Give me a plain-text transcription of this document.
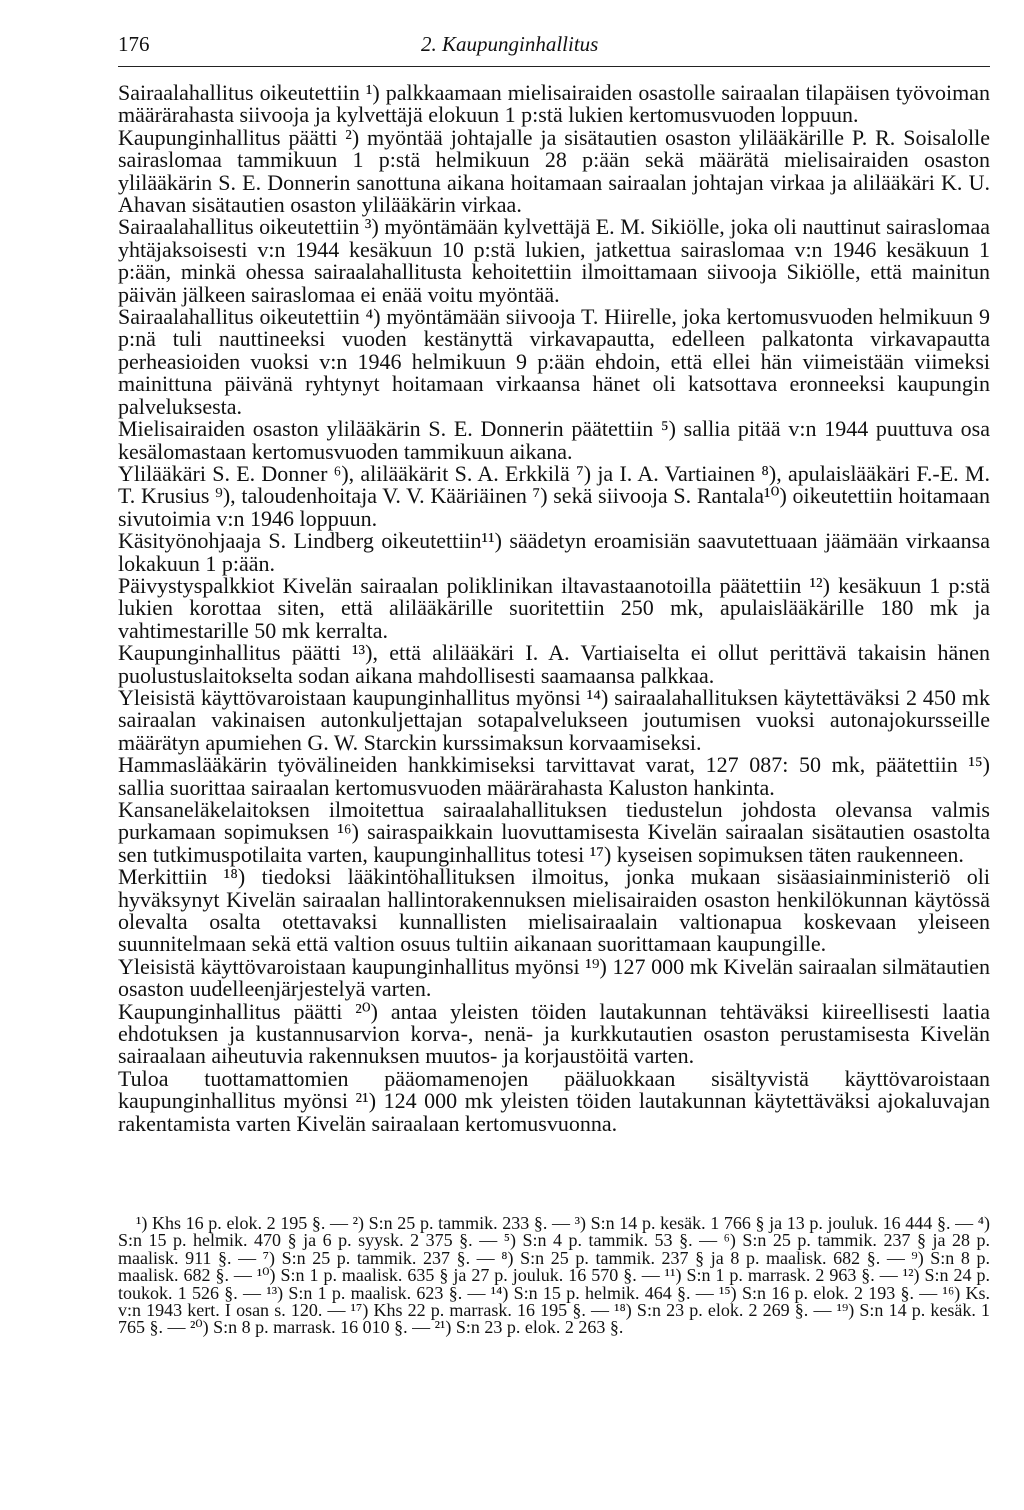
176	2. Kaupunginhallitus

Sairaalahallitus oikeutettiin ¹) palkkaamaan mielisairaiden osastolle sairaalan tilapäisen työvoiman määrärahasta siivooja ja kylvettäjä elokuun 1 p:stä lukien kertomusvuoden loppuun.

Kaupunginhallitus päätti ²) myöntää johtajalle ja sisätautien osaston ylilääkärille P. R. Soisalolle sairaslomaa tammikuun 1 p:stä helmikuun 28 p:ään sekä määrätä mielisairaiden osaston ylilääkärin S. E. Donnerin sanottuna aikana hoitamaan sairaalan johtajan virkaa ja alilääkäri K. U. Ahavan sisätautien osaston ylilääkärin virkaa.

Sairaalahallitus oikeutettiin ³) myöntämään kylvettäjä E. M. Sikiölle, joka oli nauttinut sairaslomaa yhtäjaksoisesti v:n 1944 kesäkuun 10 p:stä lukien, jatkettua sairaslomaa v:n 1946 kesäkuun 1 p:ään, minkä ohessa sairaalahallitusta kehoitettiin ilmoittamaan siivooja Sikiölle, että mainitun päivän jälkeen sairaslomaa ei enää voitu myöntää.

Sairaalahallitus oikeutettiin ⁴) myöntämään siivooja T. Hiirelle, joka kertomusvuoden helmikuun 9 p:nä tuli nauttineeksi vuoden kestänyttä virkavapautta, edelleen palkatonta virkavapautta perheasioiden vuoksi v:n 1946 helmikuun 9 p:ään ehdoin, että ellei hän viimeistään viimeksi mainittuna päivänä ryhtynyt hoitamaan virkaansa hänet oli katsottava eronneeksi kaupungin palveluksesta.

Mielisairaiden osaston ylilääkärin S. E. Donnerin päätettiin ⁵) sallia pitää v:n 1944 puuttuva osa kesälomastaan kertomusvuoden tammikuun aikana.

Ylilääkäri S. E. Donner ⁶), alilääkärit S. A. Erkkilä ⁷) ja I. A. Vartiainen ⁸), apulaislääkäri F.-E. M. T. Krusius ⁹), taloudenhoitaja V. V. Kääriäinen ⁷) sekä siivooja S. Rantala¹⁰) oikeutettiin hoitamaan sivutoimia v:n 1946 loppuun.

Käsityönohjaaja S. Lindberg oikeutettiin¹¹) säädetyn eroamisiän saavutettuaan jäämään virkaansa lokakuun 1 p:ään.

Päivystyspalkkiot Kivelän sairaalan poliklinikan iltavastaanotoilla päätettiin ¹²) kesäkuun 1 p:stä lukien korottaa siten, että alilääkärille suoritettiin 250 mk, apulaislääkärille 180 mk ja vahtimestarille 50 mk kerralta.

Kaupunginhallitus päätti ¹³), että alilääkäri I. A. Vartiaiselta ei ollut perittävä takaisin hänen puolustuslaitokselta sodan aikana mahdollisesti saamaansa palkkaa.

Yleisistä käyttövaroistaan kaupunginhallitus myönsi ¹⁴) sairaalahallituksen käytettäväksi 2 450 mk sairaalan vakinaisen autonkuljettajan sotapalvelukseen joutumisen vuoksi autonajokursseille määrätyn apumiehen G. W. Starckin kurssimaksun korvaamiseksi.

Hammaslääkärin työvälineiden hankkimiseksi tarvittavat varat, 127 087: 50 mk, päätettiin ¹⁵) sallia suorittaa sairaalan kertomusvuoden määrärahasta Kaluston hankinta.

Kansaneläkelaitoksen ilmoitettua sairaalahallituksen tiedustelun johdosta olevansa valmis purkamaan sopimuksen ¹⁶) sairaspaikkain luovuttamisesta Kivelän sairaalan sisätautien osastolta sen tutkimuspotilaita varten, kaupunginhallitus totesi ¹⁷) kyseisen sopimuksen täten raukenneen.

Merkittiin ¹⁸) tiedoksi lääkintöhallituksen ilmoitus, jonka mukaan sisäasiainministeriö oli hyväksynyt Kivelän sairaalan hallintorakennuksen mielisairaiden osaston henkilökunnan käytössä olevalta osalta otettavaksi kunnallisten mielisairaalain valtionapua koskevaan yleiseen suunnitelmaan sekä että valtion osuus tultiin aikanaan suorittamaan kaupungille.

Yleisistä käyttövaroistaan kaupunginhallitus myönsi ¹⁹) 127 000 mk Kivelän sairaalan silmätautien osaston uudelleenjärjestelyä varten.

Kaupunginhallitus päätti ²⁰) antaa yleisten töiden lautakunnan tehtäväksi kiireellisesti laatia ehdotuksen ja kustannusarvion korva-, nenä- ja kurkkutautien osaston perustamisesta Kivelän sairaalaan aiheutuvia rakennuksen muutos- ja korjaustöitä varten.

Tuloa tuottamattomien pääomamenojen pääluokkaan sisältyvistä käyttövaroistaan kaupunginhallitus myönsi ²¹) 124 000 mk yleisten töiden lautakunnan käytettäväksi ajokaluvajan rakentamista varten Kivelän sairaalaan kertomusvuonna.

¹) Khs 16 p. elok. 2 195 §. — ²) S:n 25 p. tammik. 233 §. — ³) S:n 14 p. kesäk. 1 766 § ja 13 p. jouluk. 16 444 §. — ⁴) S:n 15 p. helmik. 470 § ja 6 p. syysk. 2 375 §. — ⁵) S:n 4 p. tammik. 53 §. — ⁶) S:n 25 p. tammik. 237 § ja 28 p. maalisk. 911 §. — ⁷) S:n 25 p. tammik. 237 §. — ⁸) S:n 25 p. tammik. 237 § ja 8 p. maalisk. 682 §. — ⁹) S:n 8 p. maalisk. 682 §. — ¹⁰) S:n 1 p. maalisk. 635 § ja 27 p. jouluk. 16 570 §. — ¹¹) S:n 1 p. marrask. 2 963 §. — ¹²) S:n 24 p. toukok. 1 526 §. — ¹³) S:n 1 p. maalisk. 623 §. — ¹⁴) S:n 15 p. helmik. 464 §. — ¹⁵) S:n 16 p. elok. 2 193 §. — ¹⁶) Ks. v:n 1943 kert. I osan s. 120. — ¹⁷) Khs 22 p. marrask. 16 195 §. — ¹⁸) S:n 23 p. elok. 2 269 §. — ¹⁹) S:n 14 p. kesäk. 1 765 §. — ²⁰) S:n 8 p. marrask. 16 010 §. — ²¹) S:n 23 p. elok. 2 263 §.
